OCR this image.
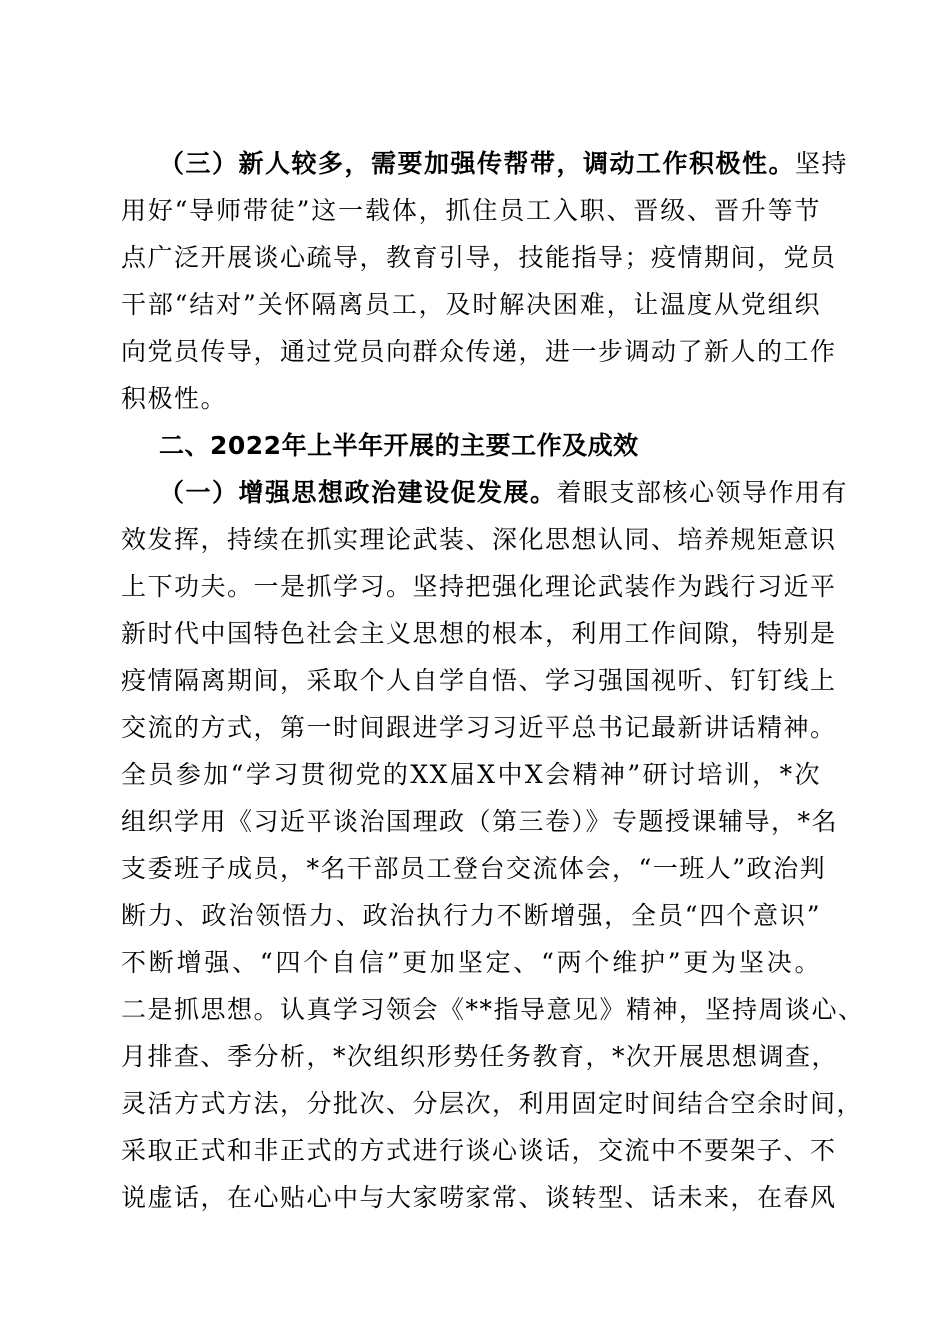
（三）新人较多，需要加强传帮带，调动工作积极性。坚持
用好“导师带徒”这一载体，抓住员工入职、晋级、晋升等节
点广泛开展谈心疏导，教育引导，技能指导；疫情期间，党员
干部“结对”关怀隔离员工，及时解决困难，让温度从党组织
向党员传导，通过党员向群众传递，进一步调动了新人的工作
积极性。
二、2022年上半年开展的主要工作及成效
（一）增强思想政治建设促发展。着眼支部核心领导作用有
效发挥，持续在抓实理论武装、深化思想认同、培养规矩意识
上下功夫。一是抓学习。坚持把强化理论武装作为践行习近平
新时代中国特色社会主义思想的根本，利用工作间隙，特别是
疫情隔离期间，采取个人自学自悟、学习强国视听、钉钉线上
交流的方式，第一时间跟进学习习近平总书记最新讲话精神。
全员参加“学习贯彻党的XX届X中X会精神”研讨培训，*次
组织学用《习近平谈治国理政（第三卷）》专题授课辅导，*名
支委班子成员，*名干部员工登台交流体会，“一班人”政治判
断力、政治领悟力、政治执行力不断增强，全员“四个意识”
不断增强、“四个自信”更加坚定、“两个维护”更为坚决。
二是抓思想。认真学习领会《**指导意见》精神，坚持周谈心、
月排查、季分析，*次组织形势任务教育，*次开展思想调查，
灵活方式方法，分批次、分层次，利用固定时间结合空余时间，
采取正式和非正式的方式进行谈心谈话，交流中不要架子、不
说虚话，在心贴心中与大家唠家常、谈转型、话未来，在春风
